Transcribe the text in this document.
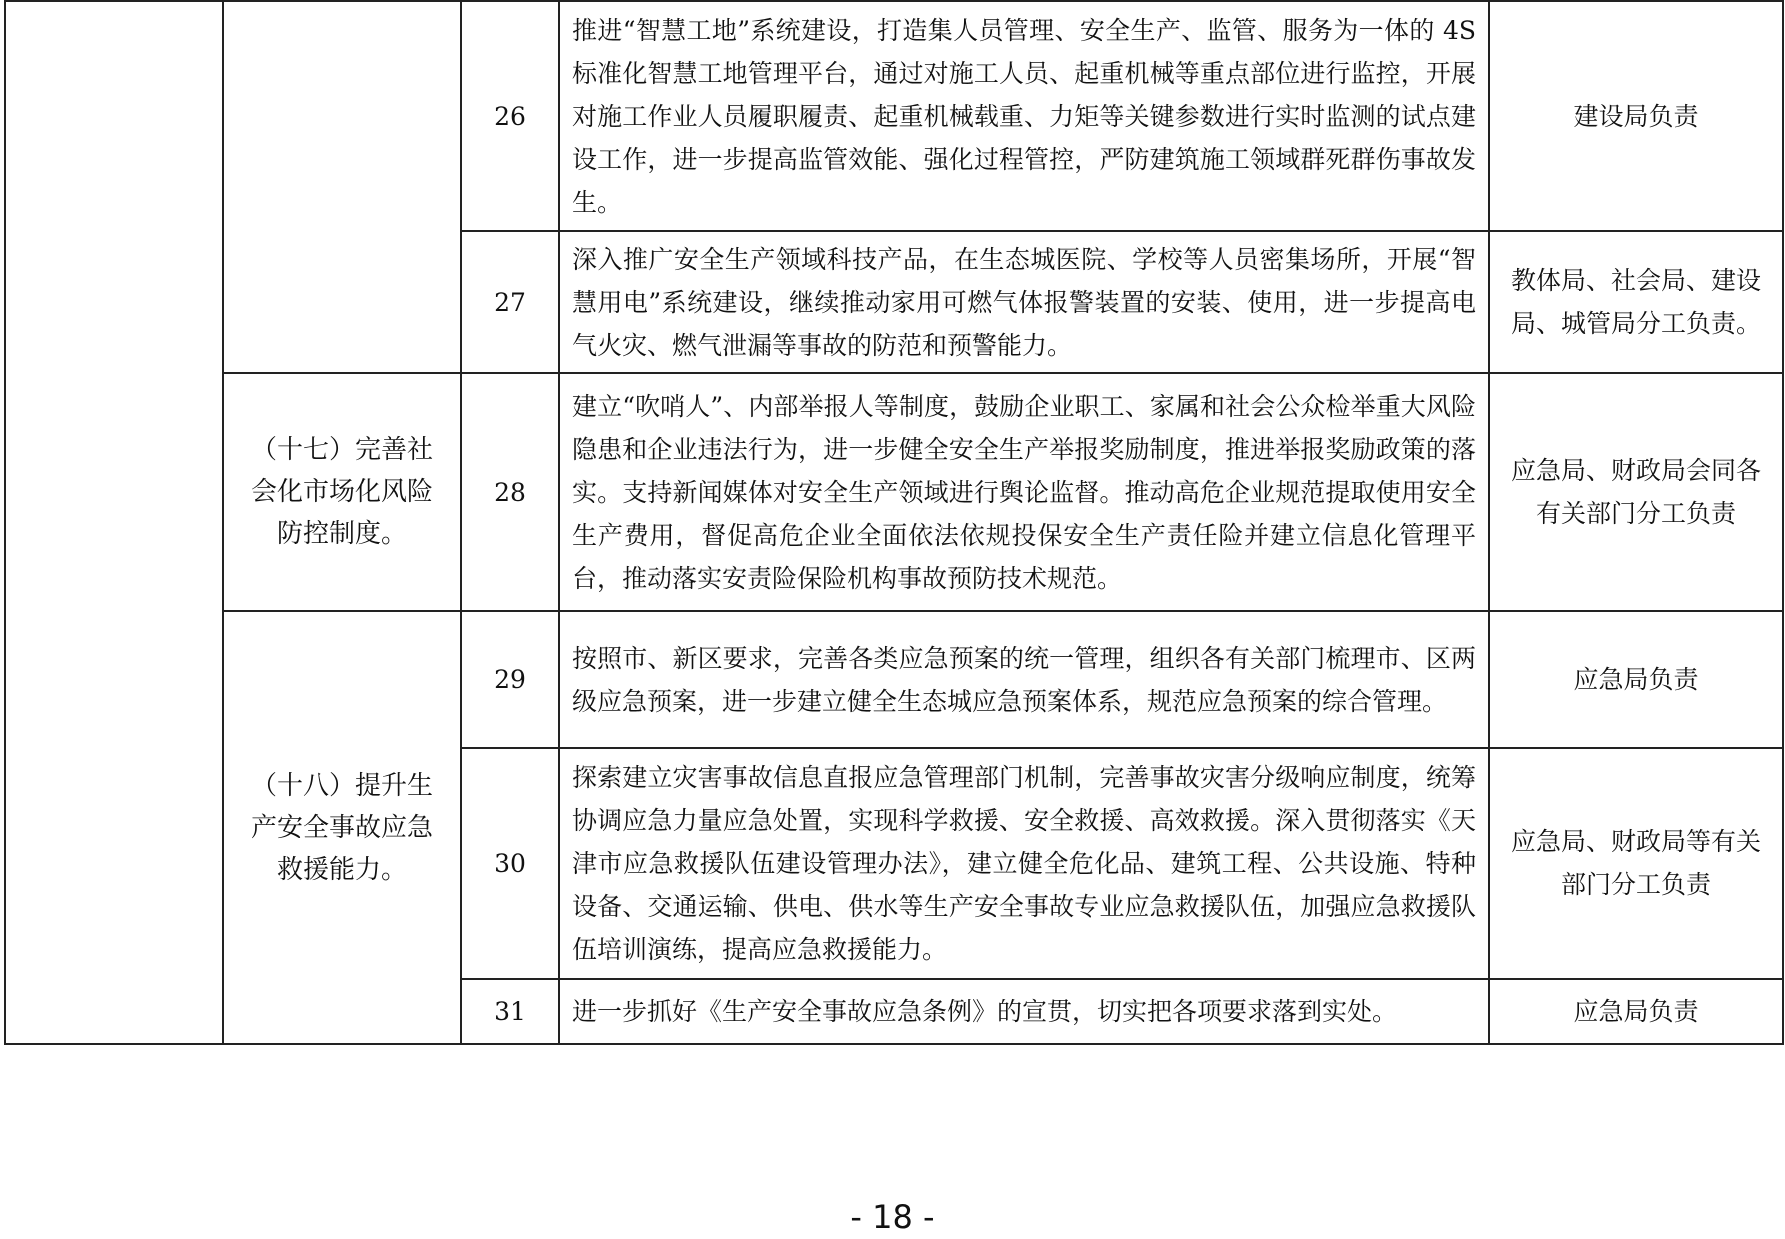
		26	推进“智慧工地”系统建设，打造集人员管理、安全生产、监管、服务为一体的 4S 标准化智慧工地管理平台，通过对施工人员、起重机械等重点部位进行监控，开展对施工作业人员履职履责、起重机械载重、力矩等关键参数进行实时监测的试点建设工作，进一步提高监管效能、强化过程管控，严防建筑施工领域群死群伤事故发生。	建设局负责
		27	深入推广安全生产领域科技产品，在生态城医院、学校等人员密集场所，开展“智慧用电”系统建设，继续推动家用可燃气体报警装置的安装、使用，进一步提高电气火灾、燃气泄漏等事故的防范和预警能力。	教体局、社会局、建设局、城管局分工负责。
	（十七）完善社会化市场化风险防控制度。	28	建立“吹哨人”、内部举报人等制度，鼓励企业职工、家属和社会公众检举重大风险隐患和企业违法行为，进一步健全安全生产举报奖励制度，推进举报奖励政策的落实。支持新闻媒体对安全生产领域进行舆论监督。推动高危企业规范提取使用安全生产费用，督促高危企业全面依法依规投保安全生产责任险并建立信息化管理平台，推动落实安责险保险机构事故预防技术规范。	应急局、财政局会同各有关部门分工负责
	（十八）提升生产安全事故应急救援能力。	29	按照市、新区要求，完善各类应急预案的统一管理，组织各有关部门梳理市、区两级应急预案，进一步建立健全生态城应急预案体系，规范应急预案的综合管理。	应急局负责
		30	探索建立灾害事故信息直报应急管理部门机制，完善事故灾害分级响应制度，统筹协调应急力量应急处置，实现科学救援、安全救援、高效救援。深入贯彻落实《天津市应急救援队伍建设管理办法》，建立健全危化品、建筑工程、公共设施、特种设备、交通运输、供电、供水等生产安全事故专业应急救援队伍，加强应急救援队伍培训演练，提高应急救援能力。	应急局、财政局等有关部门分工负责
		31	进一步抓好《生产安全事故应急条例》的宣贯，切实把各项要求落到实处。	应急局负责
- 18 -
